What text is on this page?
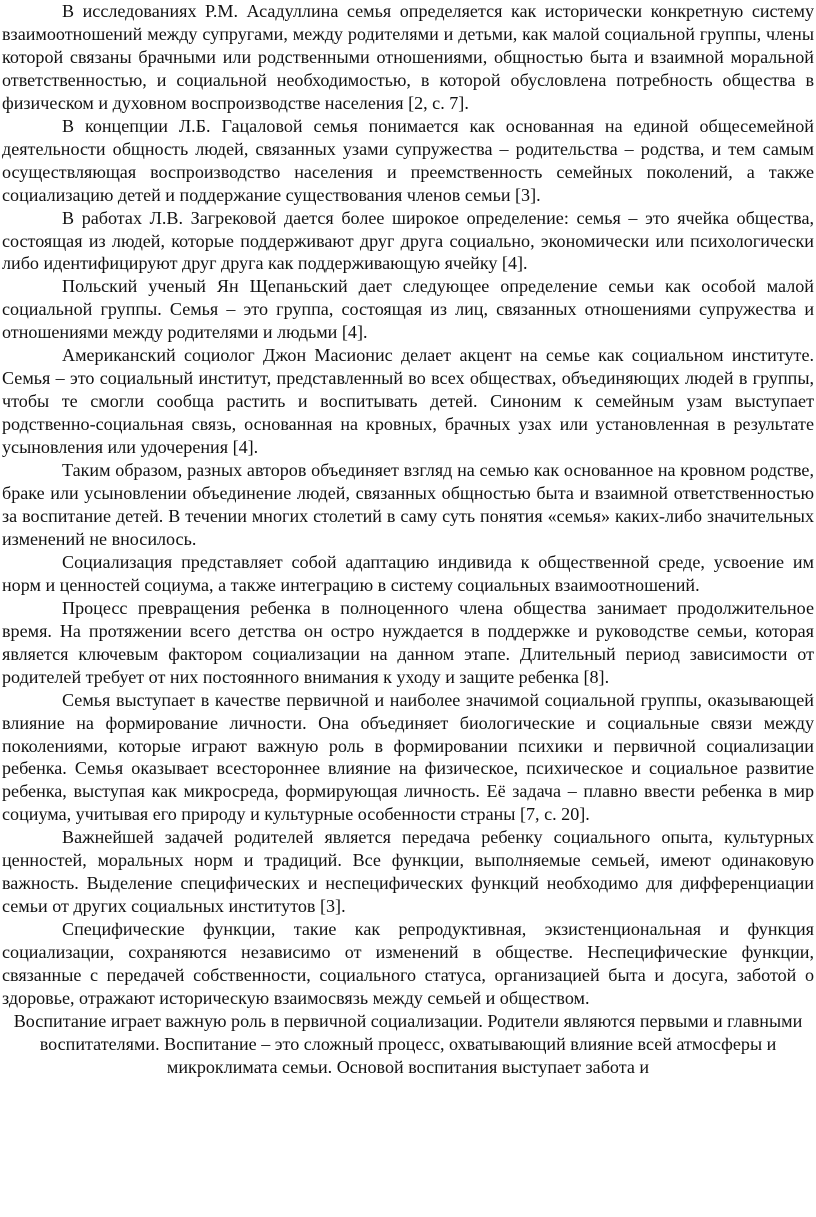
В исследованиях Р.М. Асадуллина семья определяется как исторически конкретную систему взаимоотношений между супругами, между родителями и детьми, как малой социальной группы, члены которой связаны брачными или родственными отношениями, общностью быта и взаимной моральной ответственностью, и социальной необходимостью, в которой обусловлена потребность общества в физическом и духовном воспроизводстве населения [2, с. 7].

В концепции Л.Б. Гацаловой семья понимается как основанная на единой общесемейной деятельности общность людей, связанных узами супружества – родительства – родства, и тем самым осуществляющая воспроизводство населения и преемственность семейных поколений, а также социализацию детей и поддержание существования членов семьи [3].

В работах Л.В. Загрековой дается более широкое определение: семья – это ячейка общества, состоящая из людей, которые поддерживают друг друга социально, экономически или психологически либо идентифицируют друг друга как поддерживающую ячейку [4].

Польский ученый Ян Щепаньский дает следующее определение семьи как особой малой социальной группы. Семья – это группа, состоящая из лиц, связанных отношениями супружества и отношениями между родителями и людьми [4].

Американский социолог Джон Масионис делает акцент на семье как социальном институте. Семья – это социальный институт, представленный во всех обществах, объединяющих людей в группы, чтобы те смогли сообща растить и воспитывать детей. Синоним к семейным узам выступает родственно-социальная связь, основанная на кровных, брачных узах или установленная в результате усыновления или удочерения [4].

Таким образом, разных авторов объединяет взгляд на семью как основанное на кровном родстве, браке или усыновлении объединение людей, связанных общностью быта и взаимной ответственностью за воспитание детей. В течении многих столетий в саму суть понятия «семья» каких-либо значительных изменений не вносилось.

Социализация представляет собой адаптацию индивида к общественной среде, усвоение им норм и ценностей социума, а также интеграцию в систему социальных взаимоотношений.

Процесс превращения ребенка в полноценного члена общества занимает продолжительное время. На протяжении всего детства он остро нуждается в поддержке и руководстве семьи, которая является ключевым фактором социализации на данном этапе. Длительный период зависимости от родителей требует от них постоянного внимания к уходу и защите ребенка [8].

Семья выступает в качестве первичной и наиболее значимой социальной группы, оказывающей влияние на формирование личности. Она объединяет биологические и социальные связи между поколениями, которые играют важную роль в формировании психики и первичной социализации ребенка. Семья оказывает всестороннее влияние на физическое, психическое и социальное развитие ребенка, выступая как микросреда, формирующая личность. Её задача – плавно ввести ребенка в мир социума, учитывая его природу и культурные особенности страны [7, с. 20].

Важнейшей задачей родителей является передача ребенку социального опыта, культурных ценностей, моральных норм и традиций. Все функции, выполняемые семьей, имеют одинаковую важность. Выделение специфических и неспецифических функций необходимо для дифференциации семьи от других социальных институтов [3].

Специфические функции, такие как репродуктивная, экзистенциональная и функция социализации, сохраняются независимо от изменений в обществе. Неспецифические функции, связанные с передачей собственности, социального статуса, организацией быта и досуга, заботой о здоровье, отражают историческую взаимосвязь между семьей и обществом.

Воспитание играет важную роль в первичной социализации. Родители являются первыми и главными воспитателями. Воспитание – это сложный процесс, охватывающий влияние всей атмосферы и микроклимата семьи. Основой воспитания выступает забота и
